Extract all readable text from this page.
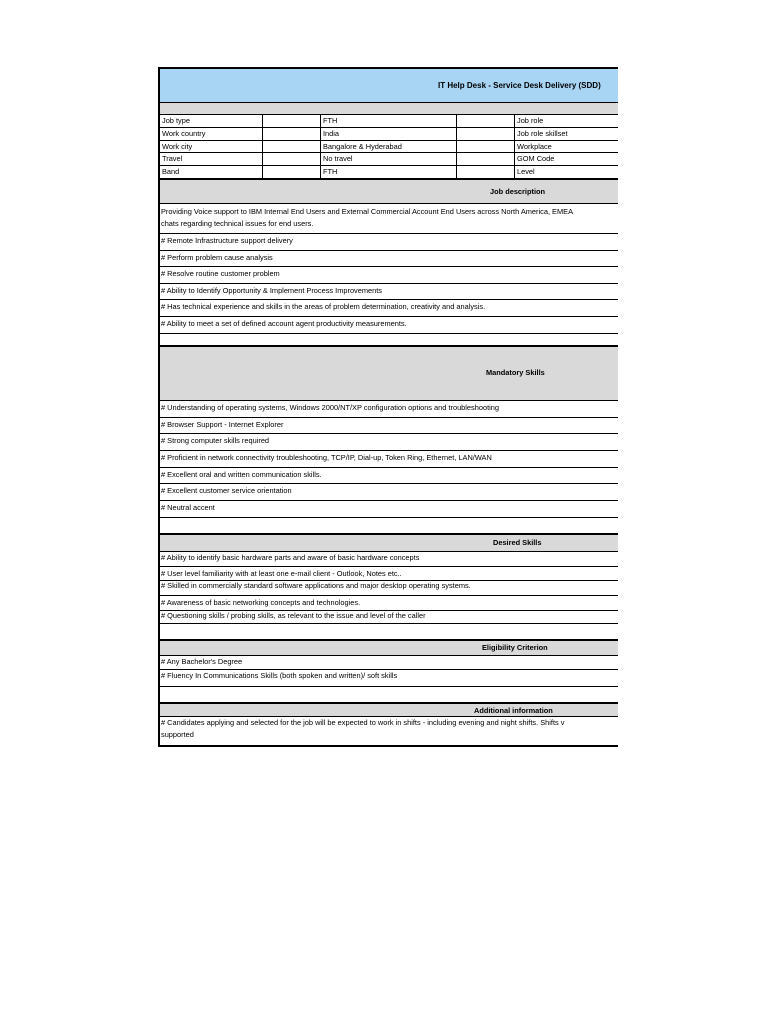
IT Help Desk - Service Desk Delivery (SDD)
Job type	FTH	Job role
Work country	India	Job role skillset
Work city	Bangalore & Hyderabad	Workplace
Travel	No travel	GOM Code
Band	FTH	Level
Job description
Providing Voice support to IBM Internal End Users and External Commercial Account End Users across North America, EMEA
chats regarding technical issues for end users.
# Remote Infrastructure support delivery
# Perform problem cause analysis
# Resolve routine customer problem
# Ability to Identify Opportunity & Implement Process Improvements
# Has technical experience and skills in the areas of problem determination, creativity and analysis.
# Ability to meet a set of defined account agent productivity measurements.
Mandatory Skills
# Understanding of operating systems, Windows 2000/NT/XP configuration options and troubleshooting
# Browser Support - Internet Explorer
# Strong computer skills required
# Proficient in network connectivity troubleshooting, TCP/IP, Dial-up, Token Ring, Ethernet, LAN/WAN
# Excellent oral and written communication skills.
# Excellent customer service orientation
# Neutral accent
Desired Skills
# Ability to identify basic hardware parts and aware of basic hardware concepts
# User level familiarity with at least one e-mail client - Outlook, Notes etc..
# Skilled in commercially standard software applications and major desktop operating systems.
# Awareness of basic networking concepts and technologies.
# Questioning skills / probing skills, as relevant to the issue and level of the caller
Eligibility Criterion
# Any Bachelor's Degree
# Fluency In Communications Skills (both spoken and written)/ soft skills
Additional information
# Candidates applying and selected for the job will be expected to work in shifts - including evening and night shifts. Shifts v
supported
